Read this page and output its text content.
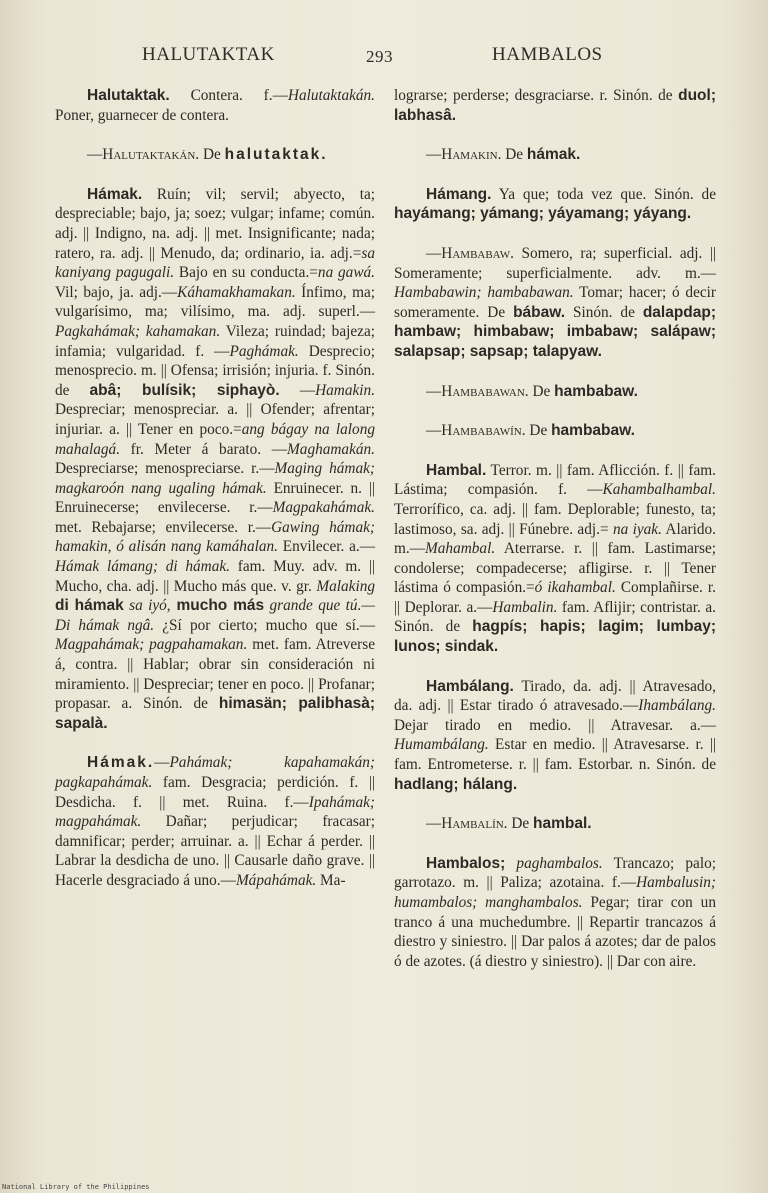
HALUTAKTAK	293	HAMBALOS

Halutaktak. Contera. f.—Halutaktakán. Poner, guarnecer de contera.

—Halutaktakán. De halutaktak.

Hámak. Ruín; vil; servil; abyecto, ta; despreciable; bajo, ja; soez; vulgar; infame; común. adj. || Indigno, na. adj. || met. Insignificante; nada; ratero, ra. adj. || Menudo, da; ordinario, ia. adj.=sa kaniyang pagugali. Bajo en su conducta.=na gawá. Vil; bajo, ja. adj.—Káhamakhamakan. Ínfimo, ma; vulgarísimo, ma; vilísimo, ma. adj. superl.—Pagkahámak; kahamakan. Vileza; ruindad; bajeza; infamia; vulgaridad. f. —Paghámak. Desprecio; menosprecio. m. || Ofensa; irrisión; injuria. f. Sinón. de abâ; bulísik; siphayò. —Hamakin. Despreciar; menospreciar. a. || Ofender; afrentar; injuriar. a. || Tener en poco.=ang bágay na lalong mahalagá. fr. Meter á barato. —Maghamakán. Despreciarse; menospreciarse. r.—Maging hámak; magkaroón nang ugaling hámak. Enruinecer. n. || Enruinecerse; envilecerse. r.—Magpakahámak. met. Rebajarse; envilecerse. r.—Gawing hámak; hamakin, ó alisán nang kamáhalan. Envilecer. a.—Hámak lámang; di hámak. fam. Muy. adv. m. || Mucho, cha. adj. || Mucho más que. v. gr. Malaking di hámak sa iyó, mucho más grande que tú.—Di hámak ngâ. ¿Sí por cierto; mucho que sí.—Magpahámak; pagpahamakan. met. fam. Atreverse á, contra. || Hablar; obrar sin consideración ni miramiento. || Despreciar; tener en poco. || Profanar; propasar. a. Sinón. de himasän; palibhasà; sapalà.

Hámak.—Pahámak; kapahamakán; pagkapahámak. fam. Desgracia; perdición. f. || Desdicha. f. || met. Ruina. f.—Ipahámak; magpahámak. Dañar; perjudicar; fracasar; damnificar; perder; arruinar. a. || Echar á perder. || Labrar la desdicha de uno. || Causarle daño grave. || Hacerle desgraciado á uno.—Mápahámak. Ma-

lograrse; perderse; desgraciarse. r. Sinón. de duol; labhasâ.

—Hamakin. De hámak.

Hámang. Ya que; toda vez que. Sinón. de hayámang; yámang; yáyamang; yáyang.

—Hambabaw. Somero, ra; superficial. adj. || Someramente; superficialmente. adv. m.—Hambabawin; hambabawan. Tomar; hacer; ó decir someramente. De bábaw. Sinón. de dalapdap; hambaw; himbabaw; imbabaw; salápaw; salapsap; sapsap; talapyaw.

—Hambabawan. De hambabaw.

—Hambabawín. De hambabaw.

Hambal. Terror. m. || fam. Aflicción. f. || fam. Lástima; compasión. f. —Kahambalhambal. Terrorífico, ca. adj. || fam. Deplorable; funesto, ta; lastimoso, sa. adj. || Fúnebre. adj.= na iyak. Alarido. m.—Mahambal. Aterrarse. r. || fam. Lastimarse; condolerse; compadecerse; afligirse. r. || Tener lástima ó compasión.=ó ikahambal. Complañirse. r. || Deplorar. a.—Hambalin. fam. Aflijir; contristar. a. Sinón. de hagpís; hapis; lagim; lumbay; lunos; sindak.

Hambálang. Tirado, da. adj. || Atravesado, da. adj. || Estar tirado ó atravesado.—Ihambálang. Dejar tirado en medio. || Atravesar. a.—Humambálang. Estar en medio. || Atravesarse. r. || fam. Entrometerse. r. || fam. Estorbar. n. Sinón. de hadlang; hálang.

—Hambalín. De hambal.

Hambalos; paghambalos. Trancazo; palo; garrotazo. m. || Paliza; azotaina. f.—Hambalusin; humambalos; manghambalos. Pegar; tirar con un tranco á una muchedumbre. || Repartir trancazos á diestro y siniestro. || Dar palos á azotes; dar de palos ó de azotes. (á diestro y siniestro). || Dar con aire.

National Library of the Philippines
